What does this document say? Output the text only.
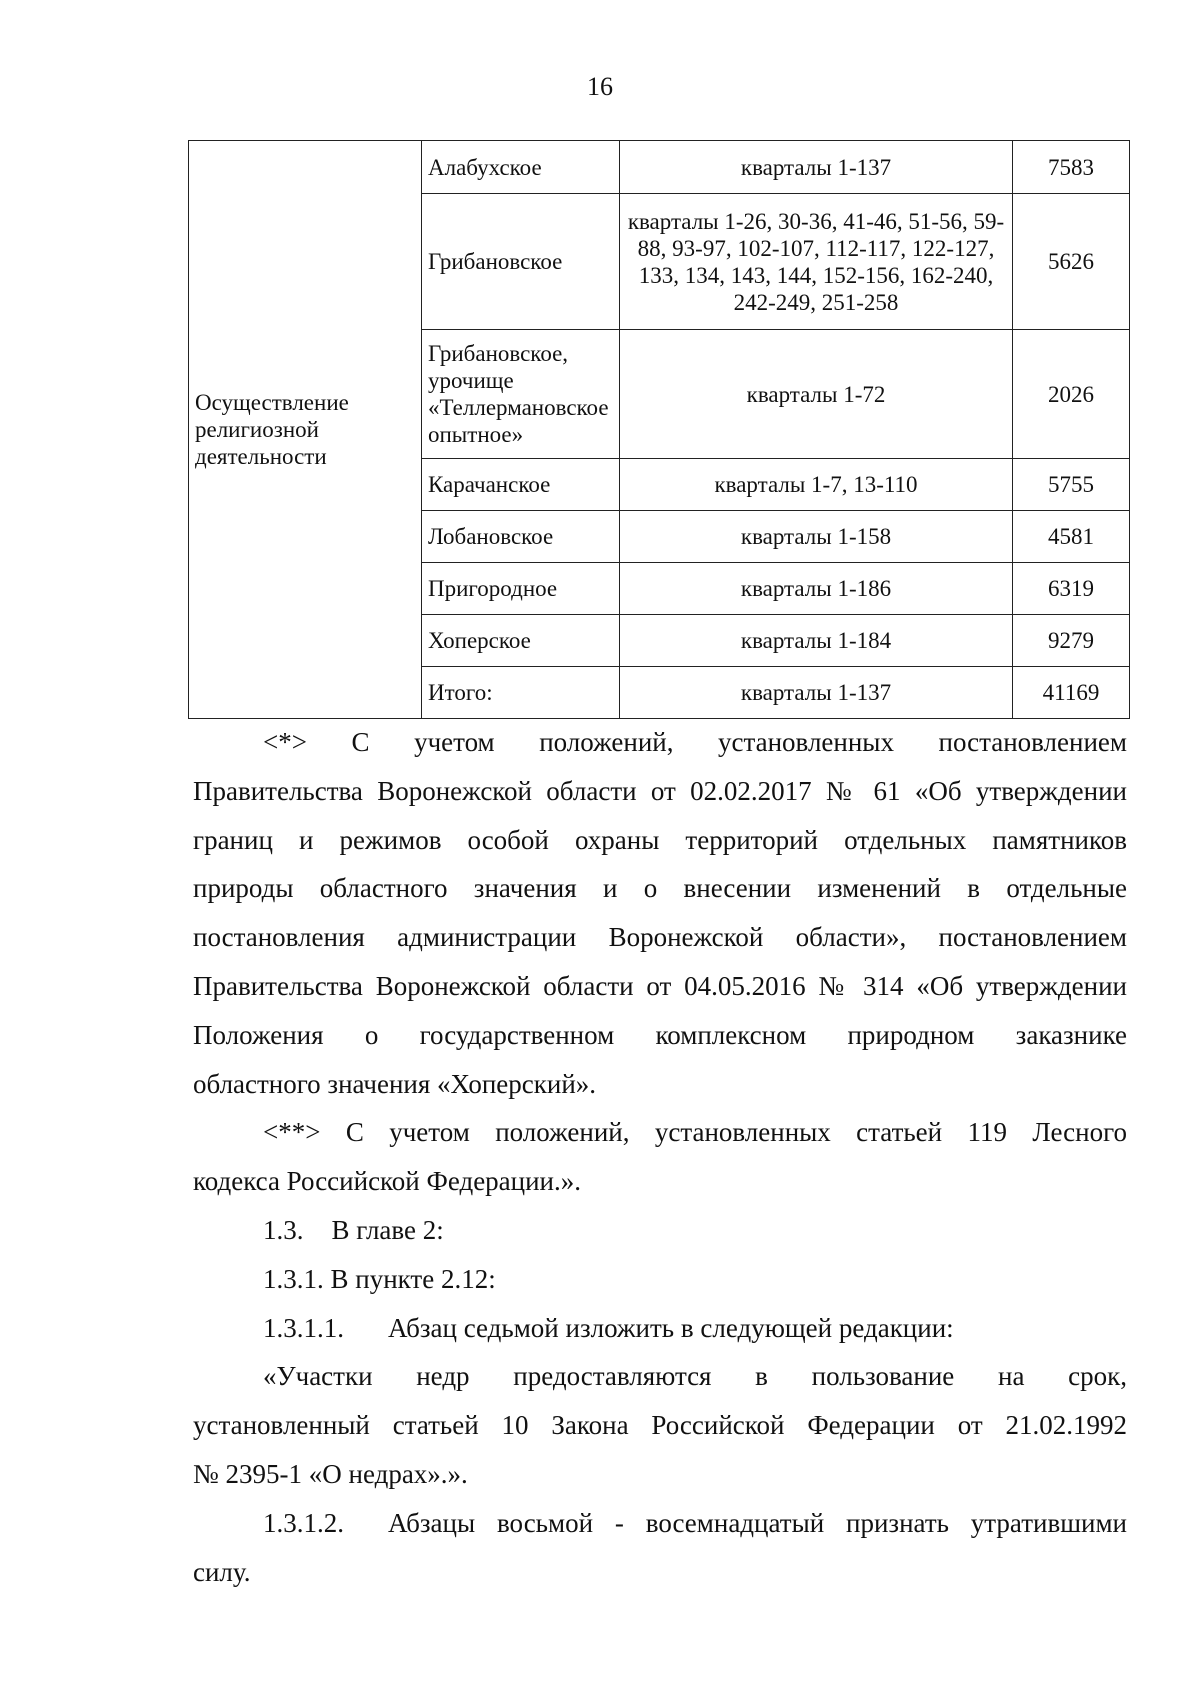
16
Осуществление религиозной деятельности	Алабухское	кварталы 1-137	7583
	Грибановское	кварталы 1-26, 30-36, 41-46, 51-56, 59-88, 93-97, 102-107, 112-117, 122-127, 133, 134, 143, 144, 152-156, 162-240, 242-249, 251-258	5626
	Грибановское, урочище «Теллермановское опытное»	кварталы 1-72	2026
	Карачанское	кварталы 1-7, 13-110	5755
	Лобановское	кварталы 1-158	4581
	Пригородное	кварталы 1-186	6319
	Хоперское	кварталы 1-184	9279
	Итого:	кварталы 1-137	41169

<*> С учетом положений, установленных постановлением

Правительства Воронежской области от 02.02.2017 № 61 «Об утверждении

границ и режимов особой охраны территорий отдельных памятников

природы областного значения и о внесении изменений в отдельные

постановления администрации Воронежской области», постановлением

Правительства Воронежской области от 04.05.2016 № 314 «Об утверждении

Положения о государственном комплексном природном заказнике

областного значения «Хоперский».

<**> С учетом положений, установленных статьей 119 Лесного

кодекса Российской Федерации.».

1.3. В главе 2:

1.3.1. В пункте 2.12:

1.3.1.1. Абзац седьмой изложить в следующей редакции:

«Участки недр предоставляются в пользование на срок,

установленный статьей 10 Закона Российской Федерации от 21.02.1992

№ 2395-1 «О недрах».».

1.3.1.2. Абзацы восьмой - восемнадцатый признать утратившими

силу.
